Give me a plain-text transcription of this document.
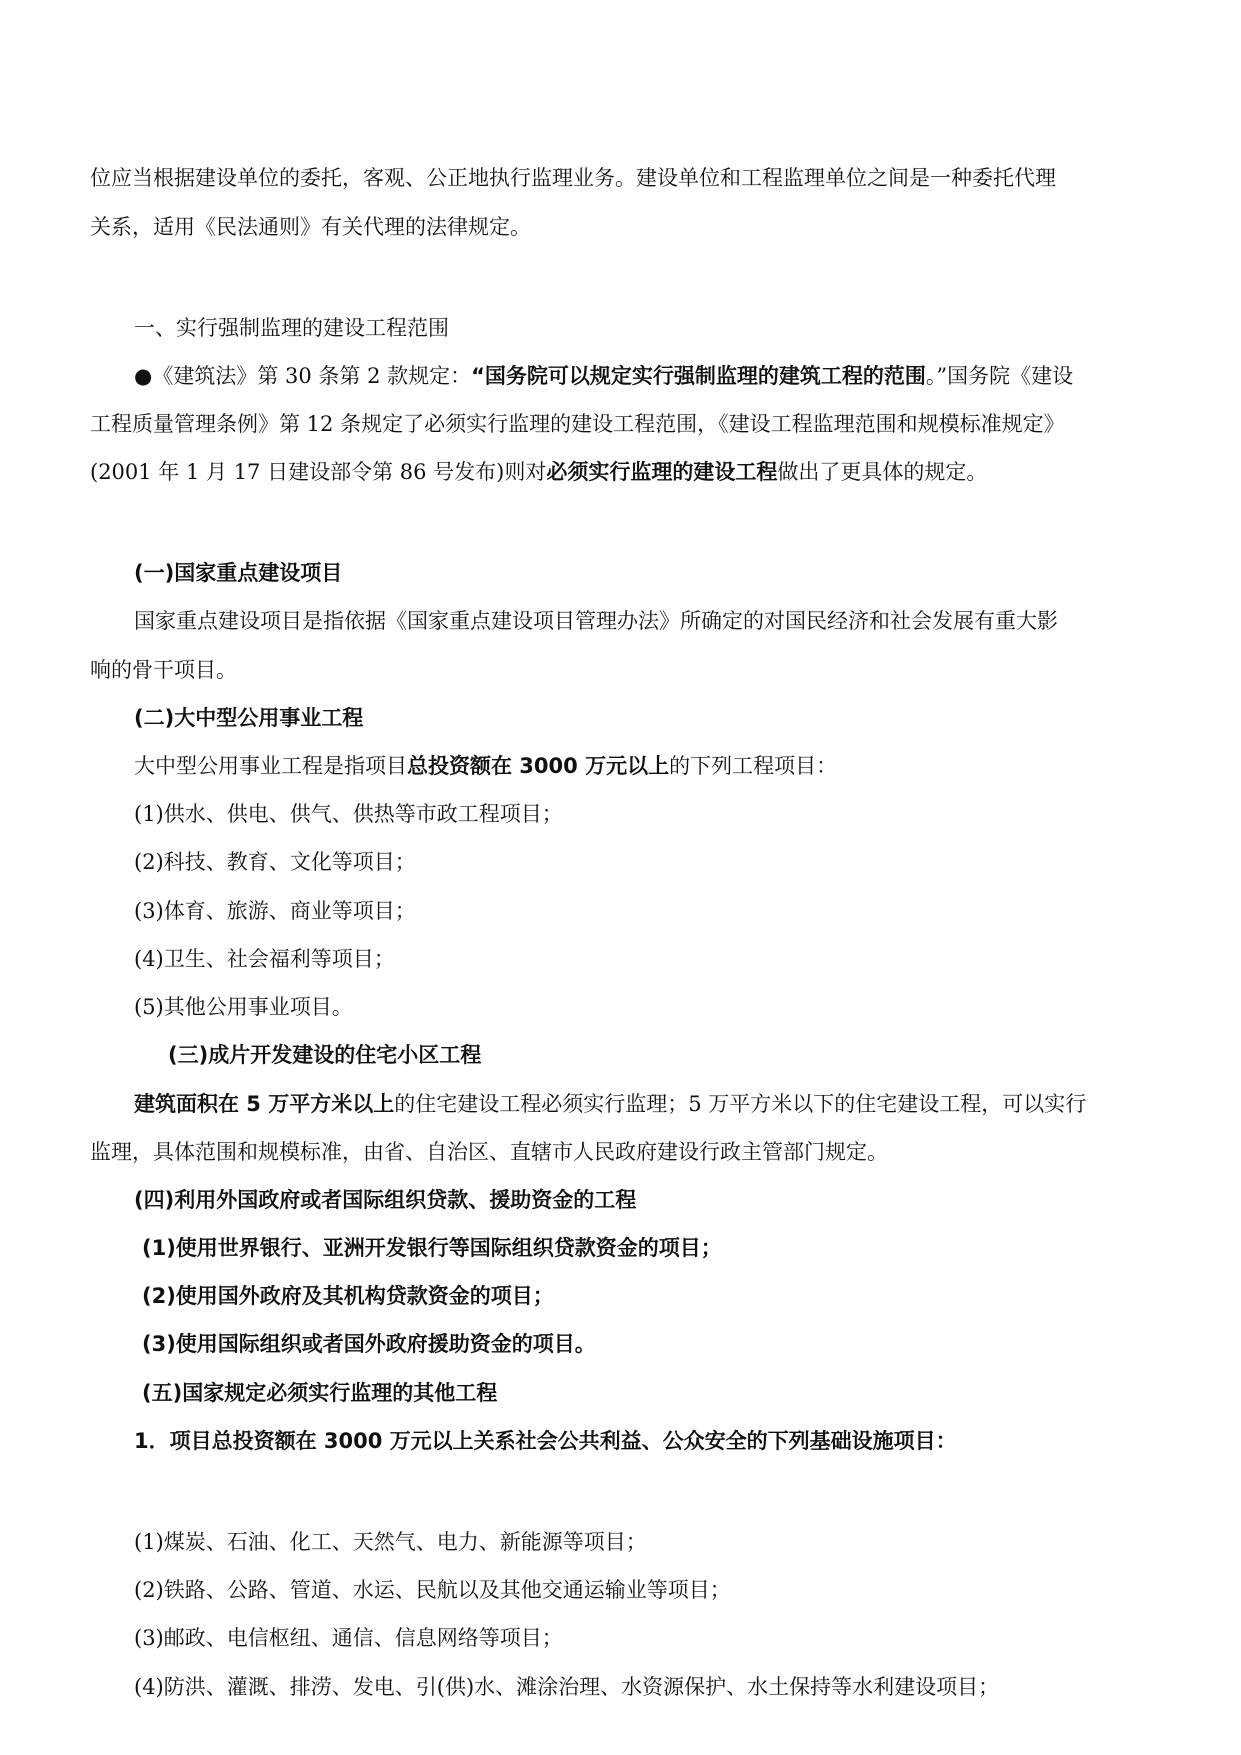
位应当根据建设单位的委托，客观、公正地执行监理业务。建设单位和工程监理单位之间是一种委托代理
关系，适用《民法通则》有关代理的法律规定。
一、实行强制监理的建设工程范围
●《建筑法》第 30 条第 2 款规定：“国务院可以规定实行强制监理的建筑工程的范围。”国务院《建设
工程质量管理条例》第 12 条规定了必须实行监理的建设工程范围，《建设工程监理范围和规模标准规定》
(2001 年 1 月 17 日建设部令第 86 号发布)则对必须实行监理的建设工程做出了更具体的规定。
(一)国家重点建设项目
国家重点建设项目是指依据《国家重点建设项目管理办法》所确定的对国民经济和社会发展有重大影
响的骨干项目。
(二)大中型公用事业工程
大中型公用事业工程是指项目总投资额在 3000 万元以上的下列工程项目：
(1)供水、供电、供气、供热等市政工程项目；
(2)科技、教育、文化等项目；
(3)体育、旅游、商业等项目；
(4)卫生、社会福利等项目；
(5)其他公用事业项目。
(三)成片开发建设的住宅小区工程
建筑面积在 5 万平方米以上的住宅建设工程必须实行监理；5 万平方米以下的住宅建设工程，可以实行
监理，具体范围和规模标准，由省、自治区、直辖市人民政府建设行政主管部门规定。
(四)利用外国政府或者国际组织贷款、援助资金的工程
(1)使用世界银行、亚洲开发银行等国际组织贷款资金的项目；
(2)使用国外政府及其机构贷款资金的项目；
(3)使用国际组织或者国外政府援助资金的项目。
(五)国家规定必须实行监理的其他工程
1．项目总投资额在 3000 万元以上关系社会公共利益、公众安全的下列基础设施项目：
(1)煤炭、石油、化工、天然气、电力、新能源等项目；
(2)铁路、公路、管道、水运、民航以及其他交通运输业等项目；
(3)邮政、电信枢纽、通信、信息网络等项目；
(4)防洪、灌溉、排涝、发电、引(供)水、滩涂治理、水资源保护、水土保持等水利建设项目；
